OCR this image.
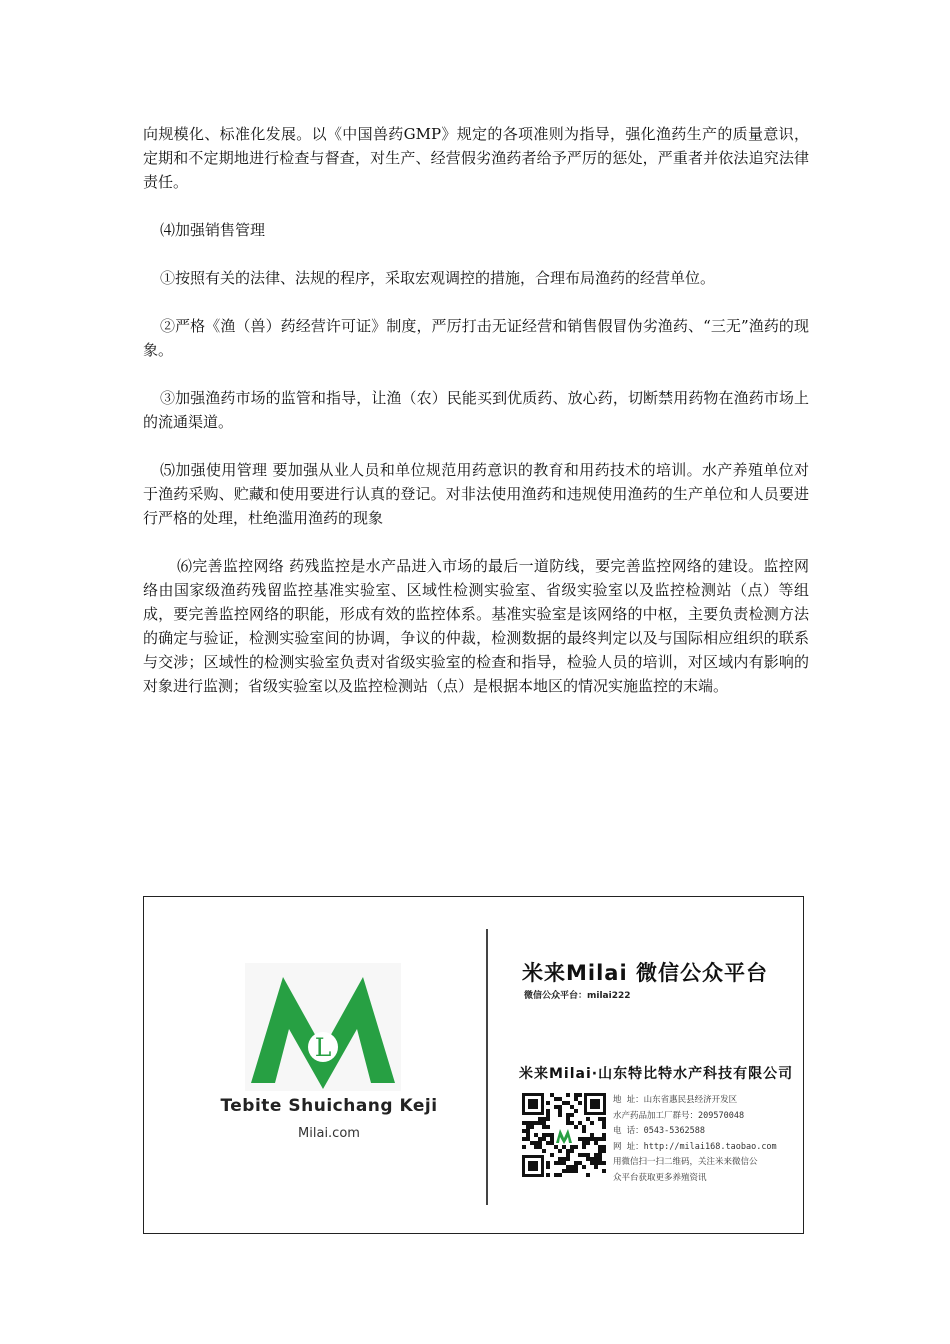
向规模化、标准化发展。以《中国兽药GMP》规定的各项准则为指导，强化渔药生产的质量意识，定期和不定期地进行检查与督查，对生产、经营假劣渔药者给予严厉的惩处，严重者并依法追究法律责任。

⑷加强销售管理

①按照有关的法律、法规的程序，采取宏观调控的措施，合理布局渔药的经营单位。

②严格《渔（兽）药经营许可证》制度，严厉打击无证经营和销售假冒伪劣渔药、“三无”渔药的现象。

③加强渔药市场的监管和指导，让渔（农）民能买到优质药、放心药，切断禁用药物在渔药市场上的流通渠道。

⑸加强使用管理 要加强从业人员和单位规范用药意识的教育和用药技术的培训。水产养殖单位对于渔药采购、贮藏和使用要进行认真的登记。对非法使用渔药和违规使用渔药的生产单位和人员要进行严格的处理，杜绝滥用渔药的现象

⑹完善监控网络 药残监控是水产品进入市场的最后一道防线，要完善监控网络的建设。监控网络由国家级渔药残留监控基准实验室、区域性检测实验室、省级实验室以及监控检测站（点）等组成，要完善监控网络的职能，形成有效的监控体系。基准实验室是该网络的中枢，主要负责检测方法的确定与验证，检测实验室间的协调，争议的仲裁，检测数据的最终判定以及与国际相应组织的联系与交涉；区域性的检测实验室负责对省级实验室的检查和指导，检验人员的培训，对区域内有影响的对象进行监测；省级实验室以及监控检测站（点）是根据本地区的情况实施监控的末端。

L
Tebite Shuichang Keji
Milai.com
米来Milai 微信公众平台
微信公众平台：milai222
米来Milai·山东特比特水产科技有限公司
地 址：山东省惠民县经济开发区
水产药品加工厂群号：209570048
电 话：0543-5362588
网 址：http://milai168.taobao.com
用微信扫一扫二维码，关注米来微信公
众平台获取更多养殖资讯
